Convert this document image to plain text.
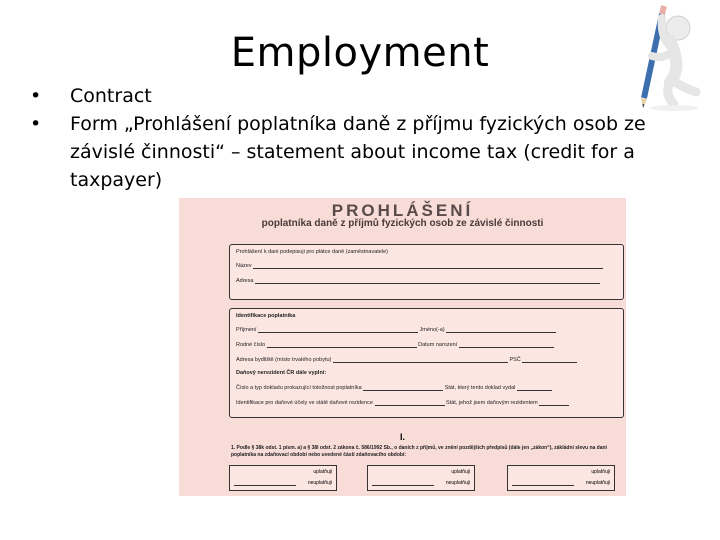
Employment
• Contract
• Form „Prohlášení poplatníka daně z příjmu fyzických osob ze závislé činnosti“ – statement about income tax (credit for a taxpayer)
PROHLÁŠENÍ
poplatníka daně z příjmů fyzických osob ze závislé činnosti
Prohlášení k dani podepisuji pro plátce daně (zaměstnavatele)
Název
Adresa
Identifikace poplatníka
Příjmení	Jméno(-a)
Rodné číslo	Datum narození
Adresa bydliště (místo trvalého pobytu)	PSČ
Daňový nerezident ČR dále vyplní:
Číslo a typ dokladu prokazující totožnost poplatníka	Stát, který tento doklad vydal
Identifikace pro daňové účely ve státě daňové rezidence	Stát, jehož jsem daňovým rezidentem
I.
1. Podle § 38k odst. 1 písm. a) a § 38l odst. 2 zákona č. 586/1992 Sb., o daních z příjmů, ve znění pozdějších předpisů (dále jen „zákon“), zákládní slevu na dani poplatníka na zdaňovací období nebo uvedené části zdaňovacího období:
uplatňuji
neuplatňuji
uplatňuji
neuplatňuji
uplatňuji
neuplatňuji
